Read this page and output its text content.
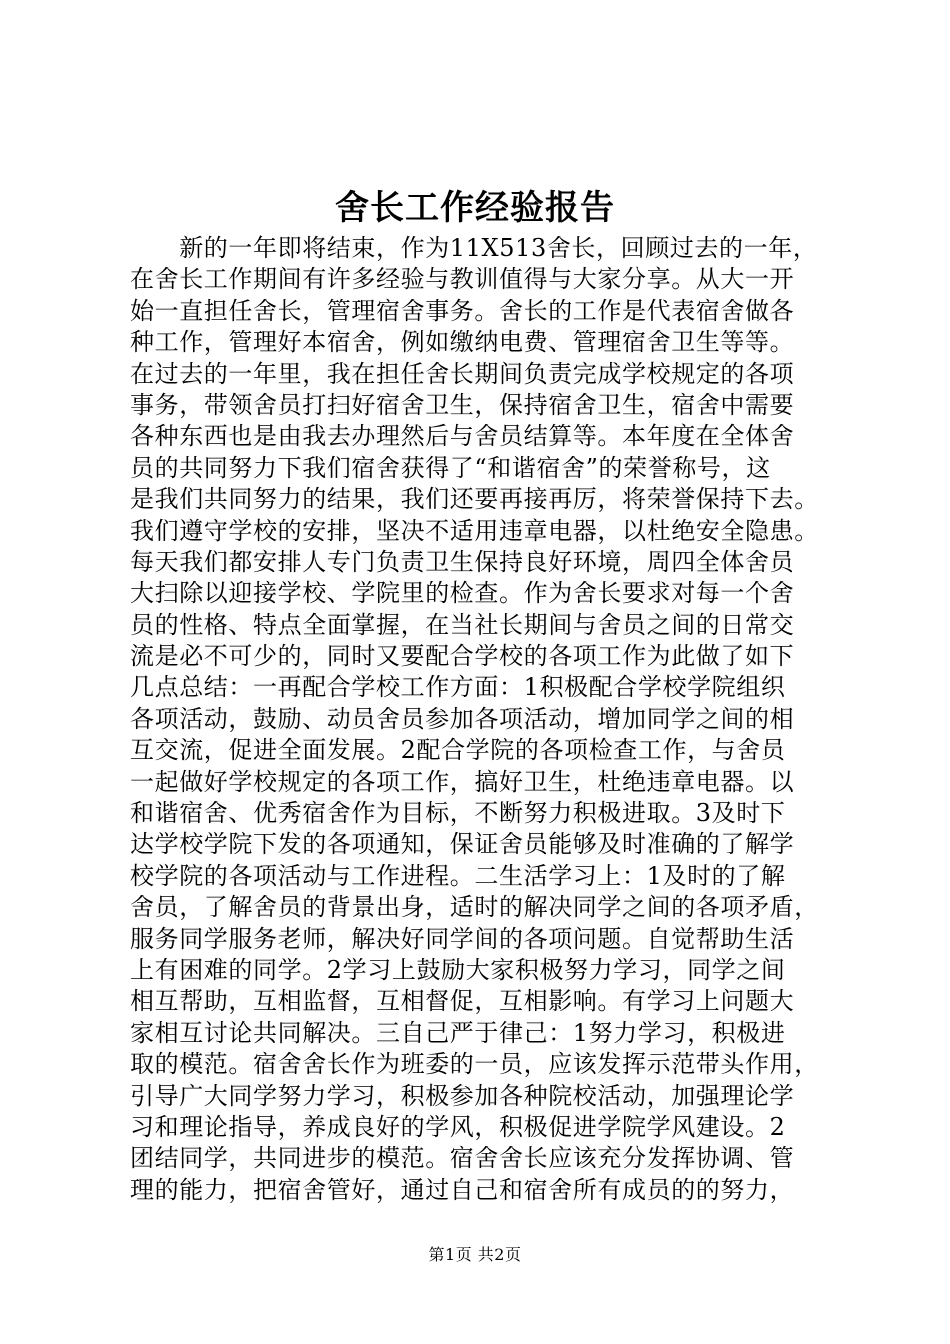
舍长工作经验报告
　　新的一年即将结束，作为11X513舍长，回顾过去的一年，
在舍长工作期间有许多经验与教训值得与大家分享。从大一开
始一直担任舍长，管理宿舍事务。舍长的工作是代表宿舍做各
种工作，管理好本宿舍，例如缴纳电费、管理宿舍卫生等等。
在过去的一年里，我在担任舍长期间负责完成学校规定的各项
事务，带领舍员打扫好宿舍卫生，保持宿舍卫生，宿舍中需要
各种东西也是由我去办理然后与舍员结算等。本年度在全体舍
员的共同努力下我们宿舍获得了“和谐宿舍”的荣誉称号，这
是我们共同努力的结果，我们还要再接再厉，将荣誉保持下去。
我们遵守学校的安排，坚决不适用违章电器，以杜绝安全隐患。
每天我们都安排人专门负责卫生保持良好环境，周四全体舍员
大扫除以迎接学校、学院里的检查。作为舍长要求对每一个舍
员的性格、特点全面掌握，在当社长期间与舍员之间的日常交
流是必不可少的，同时又要配合学校的各项工作为此做了如下
几点总结：一再配合学校工作方面：1积极配合学校学院组织
各项活动，鼓励、动员舍员参加各项活动，增加同学之间的相
互交流，促进全面发展。2配合学院的各项检查工作，与舍员
一起做好学校规定的各项工作，搞好卫生，杜绝违章电器。以
和谐宿舍、优秀宿舍作为目标，不断努力积极进取。3及时下
达学校学院下发的各项通知，保证舍员能够及时准确的了解学
校学院的各项活动与工作进程。二生活学习上：1及时的了解
舍员，了解舍员的背景出身，适时的解决同学之间的各项矛盾，
服务同学服务老师，解决好同学间的各项问题。自觉帮助生活
上有困难的同学。2学习上鼓励大家积极努力学习，同学之间
相互帮助，互相监督，互相督促，互相影响。有学习上问题大
家相互讨论共同解决。三自己严于律己：1努力学习，积极进
取的模范。宿舍舍长作为班委的一员，应该发挥示范带头作用，
引导广大同学努力学习，积极参加各种院校活动，加强理论学
习和理论指导，养成良好的学风，积极促进学院学风建设。2
团结同学，共同进步的模范。宿舍舍长应该充分发挥协调、管
理的能力，把宿舍管好，通过自己和宿舍所有成员的的努力，
第1页 共2页
